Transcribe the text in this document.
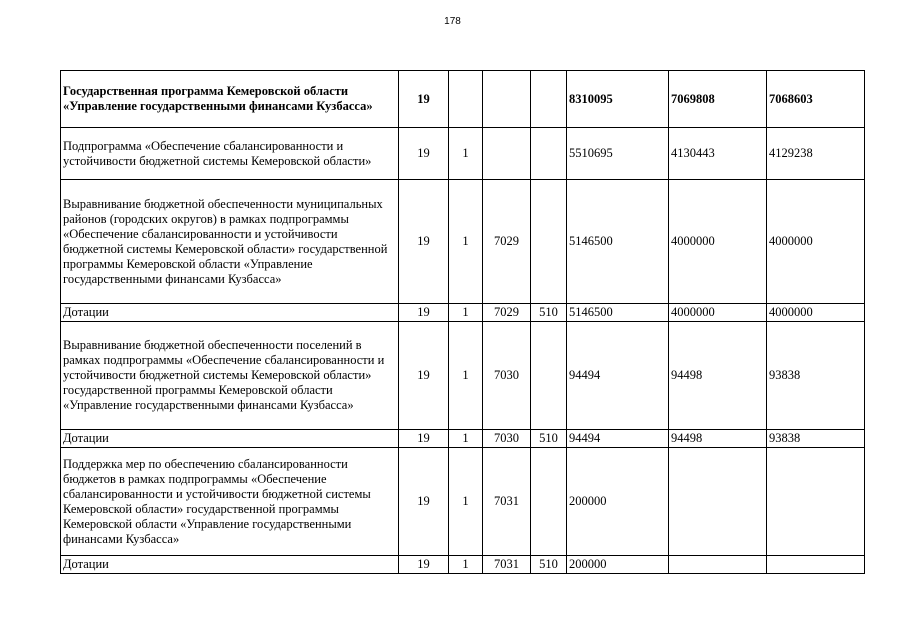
178
Государственная программа Кемеровской области «Управление государственными финансами Кузбасса»	19				8310095	7069808	7068603
Подпрограмма «Обеспечение сбалансированности и устойчивости бюджетной системы Кемеровской области»	19	1			5510695	4130443	4129238
Выравнивание бюджетной обеспеченности муниципальных районов (городских округов) в рамках подпрограммы «Обеспечение сбалансированности и устойчивости бюджетной системы Кемеровской области» государственной программы Кемеровской области «Управление государственными финансами Кузбасса»	19	1	7029		5146500	4000000	4000000
Дотации	19	1	7029	510	5146500	4000000	4000000
Выравнивание бюджетной обеспеченности поселений в рамках подпрограммы «Обеспечение сбалансированности и устойчивости бюджетной системы Кемеровской области» государственной программы Кемеровской области «Управление государственными финансами Кузбасса»	19	1	7030		94494	94498	93838
Дотации	19	1	7030	510	94494	94498	93838
Поддержка мер по обеспечению сбалансированности бюджетов в рамках подпрограммы «Обеспечение сбалансированности и устойчивости бюджетной системы Кемеровской области» государственной программы Кемеровской области «Управление государственными финансами Кузбасса»	19	1	7031		200000		
Дотации	19	1	7031	510	200000		
